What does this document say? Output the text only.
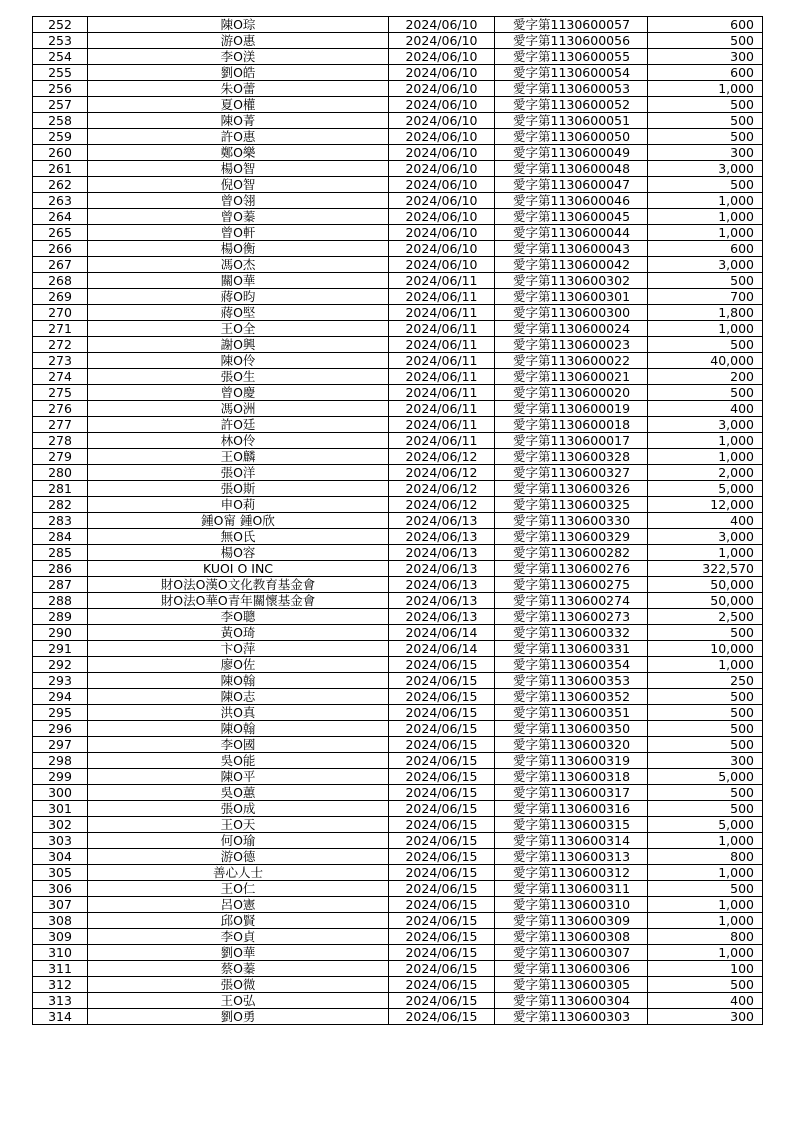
252	陳O琮	2024/06/10	愛字第1130600057	600
253	游O惠	2024/06/10	愛字第1130600056	500
254	李O渼	2024/06/10	愛字第1130600055	300
255	劉O皓	2024/06/10	愛字第1130600054	600
256	朱O蕾	2024/06/10	愛字第1130600053	1,000
257	夏O權	2024/06/10	愛字第1130600052	500
258	陳O菁	2024/06/10	愛字第1130600051	500
259	許O惠	2024/06/10	愛字第1130600050	500
260	鄭O樂	2024/06/10	愛字第1130600049	300
261	楊O智	2024/06/10	愛字第1130600048	3,000
262	倪O智	2024/06/10	愛字第1130600047	500
263	曾O翎	2024/06/10	愛字第1130600046	1,000
264	曾O蓁	2024/06/10	愛字第1130600045	1,000
265	曾O軒	2024/06/10	愛字第1130600044	1,000
266	楊O衡	2024/06/10	愛字第1130600043	600
267	馮O杰	2024/06/10	愛字第1130600042	3,000
268	關O華	2024/06/11	愛字第1130600302	500
269	蔣O昀	2024/06/11	愛字第1130600301	700
270	蔣O堅	2024/06/11	愛字第1130600300	1,800
271	王O全	2024/06/11	愛字第1130600024	1,000
272	謝O興	2024/06/11	愛字第1130600023	500
273	陳O伶	2024/06/11	愛字第1130600022	40,000
274	張O生	2024/06/11	愛字第1130600021	200
275	曾O慶	2024/06/11	愛字第1130600020	500
276	馮O洲	2024/06/11	愛字第1130600019	400
277	許O廷	2024/06/11	愛字第1130600018	3,000
278	林O伶	2024/06/11	愛字第1130600017	1,000
279	王O麟	2024/06/12	愛字第1130600328	1,000
280	張O洋	2024/06/12	愛字第1130600327	2,000
281	張O斯	2024/06/12	愛字第1130600326	5,000
282	申O莉	2024/06/12	愛字第1130600325	12,000
283	鍾O甯 鍾O欣	2024/06/13	愛字第1130600330	400
284	無O氏	2024/06/13	愛字第1130600329	3,000
285	楊O容	2024/06/13	愛字第1130600282	1,000
286	KUOI O INC	2024/06/13	愛字第1130600276	322,570
287	財O法O漢O文化教育基金會	2024/06/13	愛字第1130600275	50,000
288	財O法O華O青年關懷基金會	2024/06/13	愛字第1130600274	50,000
289	李O聰	2024/06/13	愛字第1130600273	2,500
290	黃O琦	2024/06/14	愛字第1130600332	500
291	卞O萍	2024/06/14	愛字第1130600331	10,000
292	廖O佐	2024/06/15	愛字第1130600354	1,000
293	陳O翰	2024/06/15	愛字第1130600353	250
294	陳O志	2024/06/15	愛字第1130600352	500
295	洪O真	2024/06/15	愛字第1130600351	500
296	陳O翰	2024/06/15	愛字第1130600350	500
297	李O國	2024/06/15	愛字第1130600320	500
298	吳O能	2024/06/15	愛字第1130600319	300
299	陳O平	2024/06/15	愛字第1130600318	5,000
300	吳O蕙	2024/06/15	愛字第1130600317	500
301	張O成	2024/06/15	愛字第1130600316	500
302	王O天	2024/06/15	愛字第1130600315	5,000
303	何O瑜	2024/06/15	愛字第1130600314	1,000
304	游O德	2024/06/15	愛字第1130600313	800
305	善心人士	2024/06/15	愛字第1130600312	1,000
306	王O仁	2024/06/15	愛字第1130600311	500
307	呂O憲	2024/06/15	愛字第1130600310	1,000
308	邱O賢	2024/06/15	愛字第1130600309	1,000
309	李O貞	2024/06/15	愛字第1130600308	800
310	劉O華	2024/06/15	愛字第1130600307	1,000
311	蔡O蓁	2024/06/15	愛字第1130600306	100
312	張O微	2024/06/15	愛字第1130600305	500
313	王O弘	2024/06/15	愛字第1130600304	400
314	劉O勇	2024/06/15	愛字第1130600303	300
